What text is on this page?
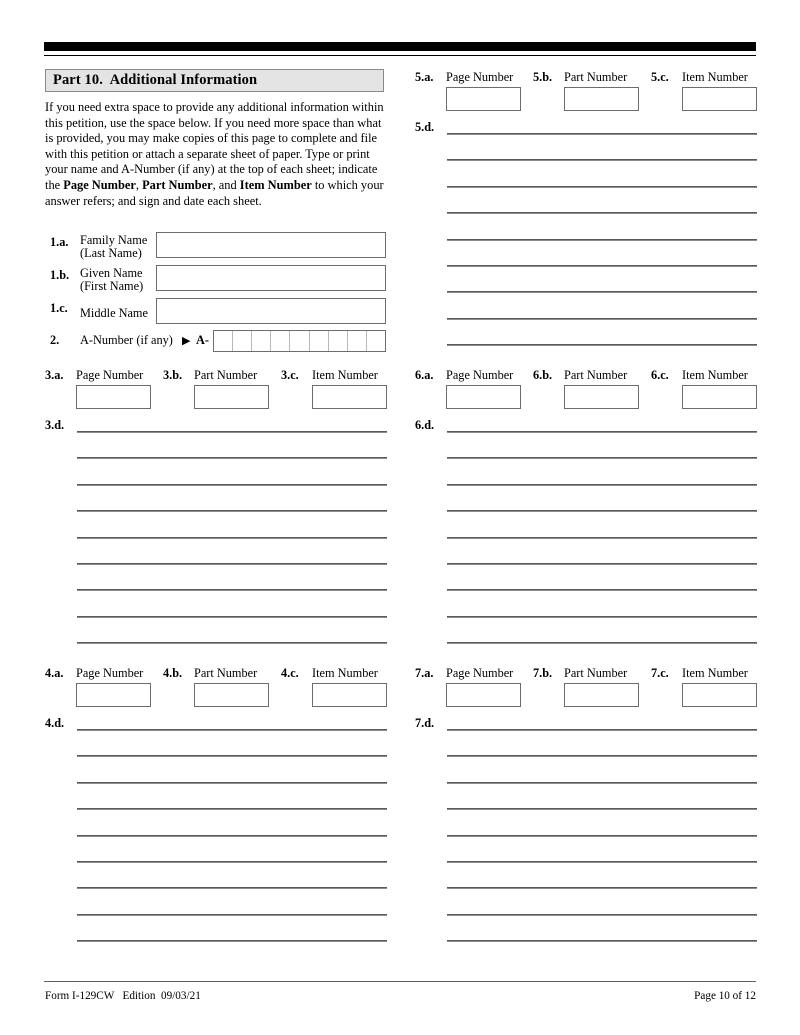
Part 10.  Additional Information
If you need extra space to provide any additional information within this petition, use the space below. If you need more space than what is provided, you may make copies of this page to complete and file with this petition or attach a separate sheet of paper. Type or print your name and A-Number (if any) at the top of each sheet; indicate the Page Number, Part Number, and Item Number to which your answer refers; and sign and date each sheet.
1.a. Family Name
(Last Name)
1.b. Given Name
(First Name)
1.c. Middle Name
2. A-Number (if any) ▶ A-
3.a. Page Number 3.b. Part Number 3.c. Item Number
3.d.
4.a. Page Number 4.b. Part Number 4.c. Item Number
4.d.
5.a. Page Number 5.b. Part Number 5.c. Item Number
5.d.
6.a. Page Number 6.b. Part Number 6.c. Item Number
6.d.
7.a. Page Number 7.b. Part Number 7.c. Item Number
7.d.
Form I-129CW   Edition  09/03/21	Page 10 of 12
